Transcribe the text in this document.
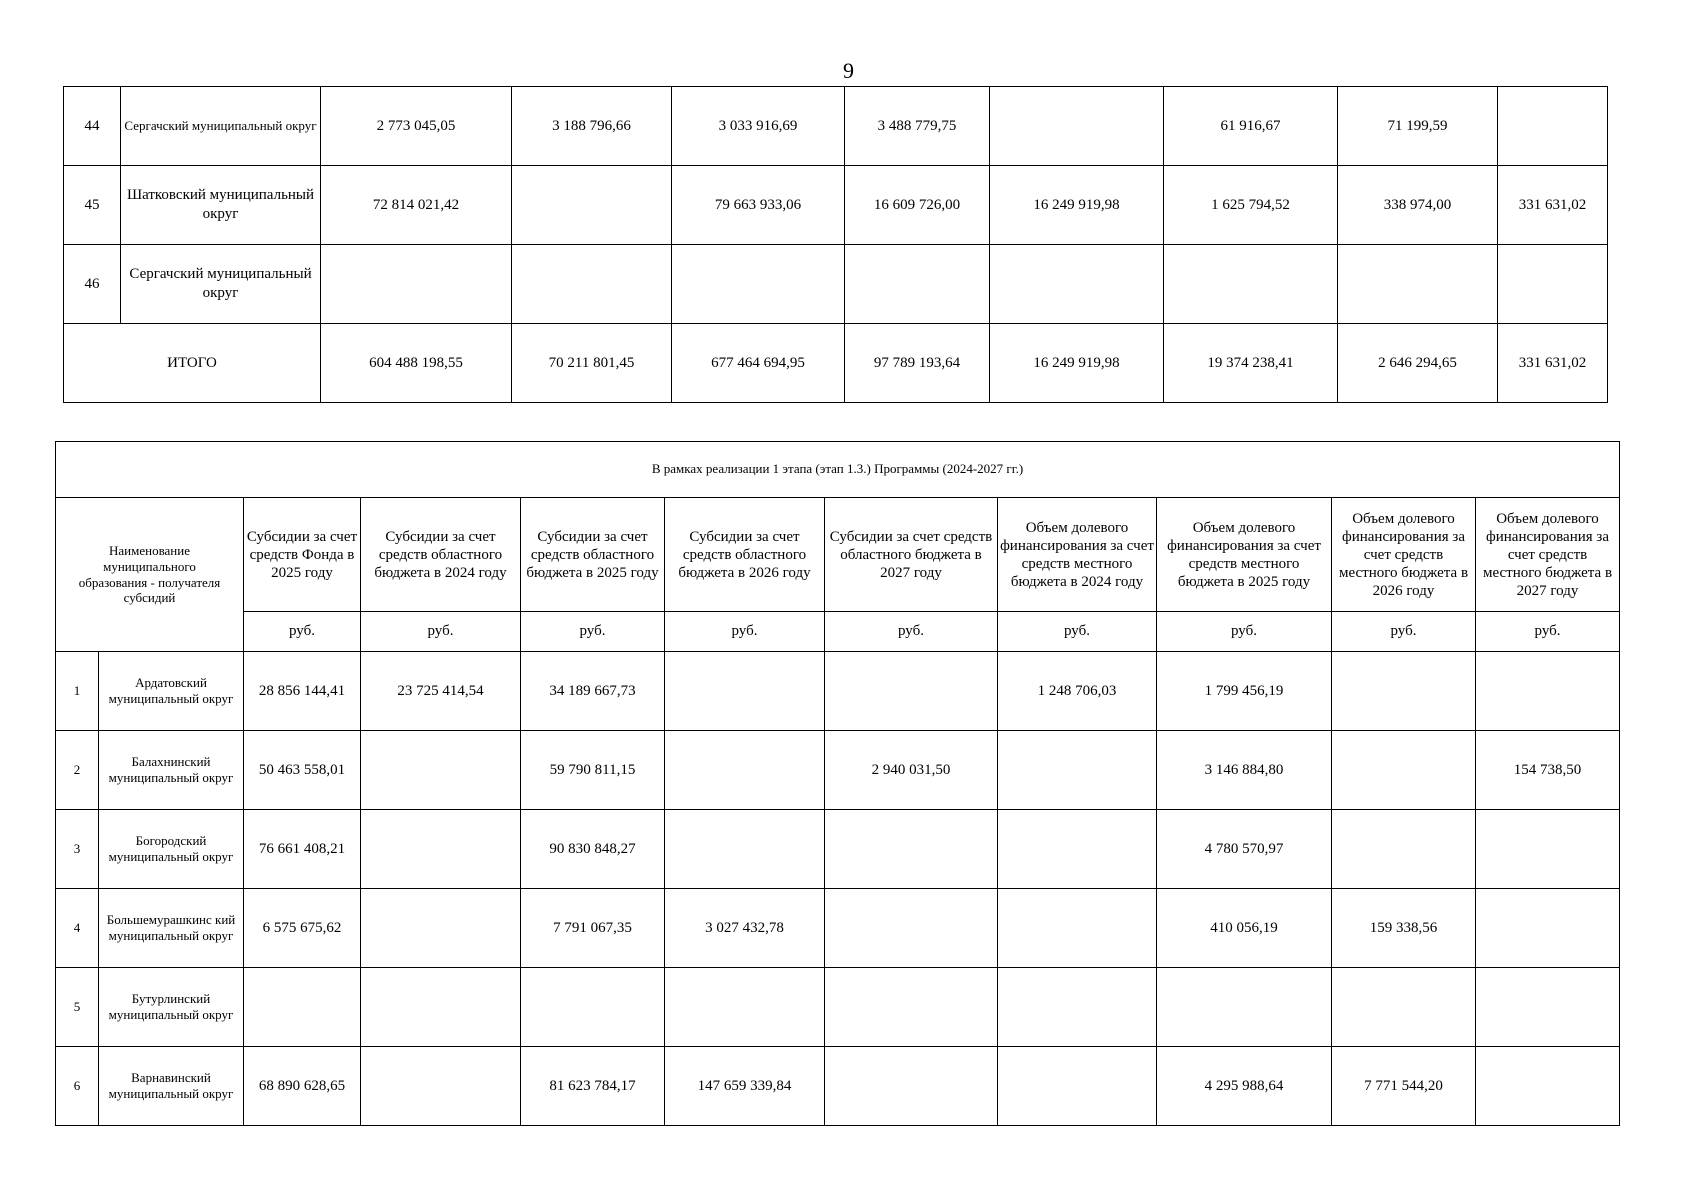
9
44	Сергачский муниципальный округ	2 773 045,05	3 188 796,66	3 033 916,69	3 488 779,75		61 916,67	71 199,59	
45	Шатковский муниципальный округ	72 814 021,42		79 663 933,06	16 609 726,00	16 249 919,98	1 625 794,52	338 974,00	331 631,02
46	Сергачский муниципальный округ								
ИТОГО		604 488 198,55	70 211 801,45	677 464 694,95	97 789 193,64	16 249 919,98	19 374 238,41	2 646 294,65	331 631,02
В рамках реализации 1 этапа (этап 1.3.) Программы (2024-2027 гг.)										
Наименование муниципального образования - получателя субсидий		Субсидии за счет средств Фонда в 2025 году	Субсидии за счет средств областного бюджета в 2024 году	Субсидии за счет средств областного бюджета в 2025 году	Субсидии за счет средств областного бюджета в 2026 году	Субсидии за счет средств областного бюджета в 2027 году	Объем долевого финансирования за счет средств местного бюджета в 2024 году	Объем долевого финансирования за счет средств местного бюджета в 2025 году	Объем долевого финансирования за счет средств местного бюджета в 2026 году	Объем долевого финансирования за счет средств местного бюджета в 2027 году
		руб.	руб.	руб.	руб.	руб.	руб.	руб.	руб.	руб.
1	Ардатовский муниципальный округ	28 856 144,41	23 725 414,54	34 189 667,73			1 248 706,03	1 799 456,19		
2	Балахнинский муниципальный округ	50 463 558,01		59 790 811,15		2 940 031,50		3 146 884,80		154 738,50
3	Богородский муниципальный округ	76 661 408,21		90 830 848,27				4 780 570,97		
4	Большемурашкинс кий муниципальный округ	6 575 675,62		7 791 067,35	3 027 432,78			410 056,19	159 338,56	
5	Бутурлинский муниципальный округ									
6	Варнавинский муниципальный округ	68 890 628,65		81 623 784,17	147 659 339,84			4 295 988,64	7 771 544,20	
